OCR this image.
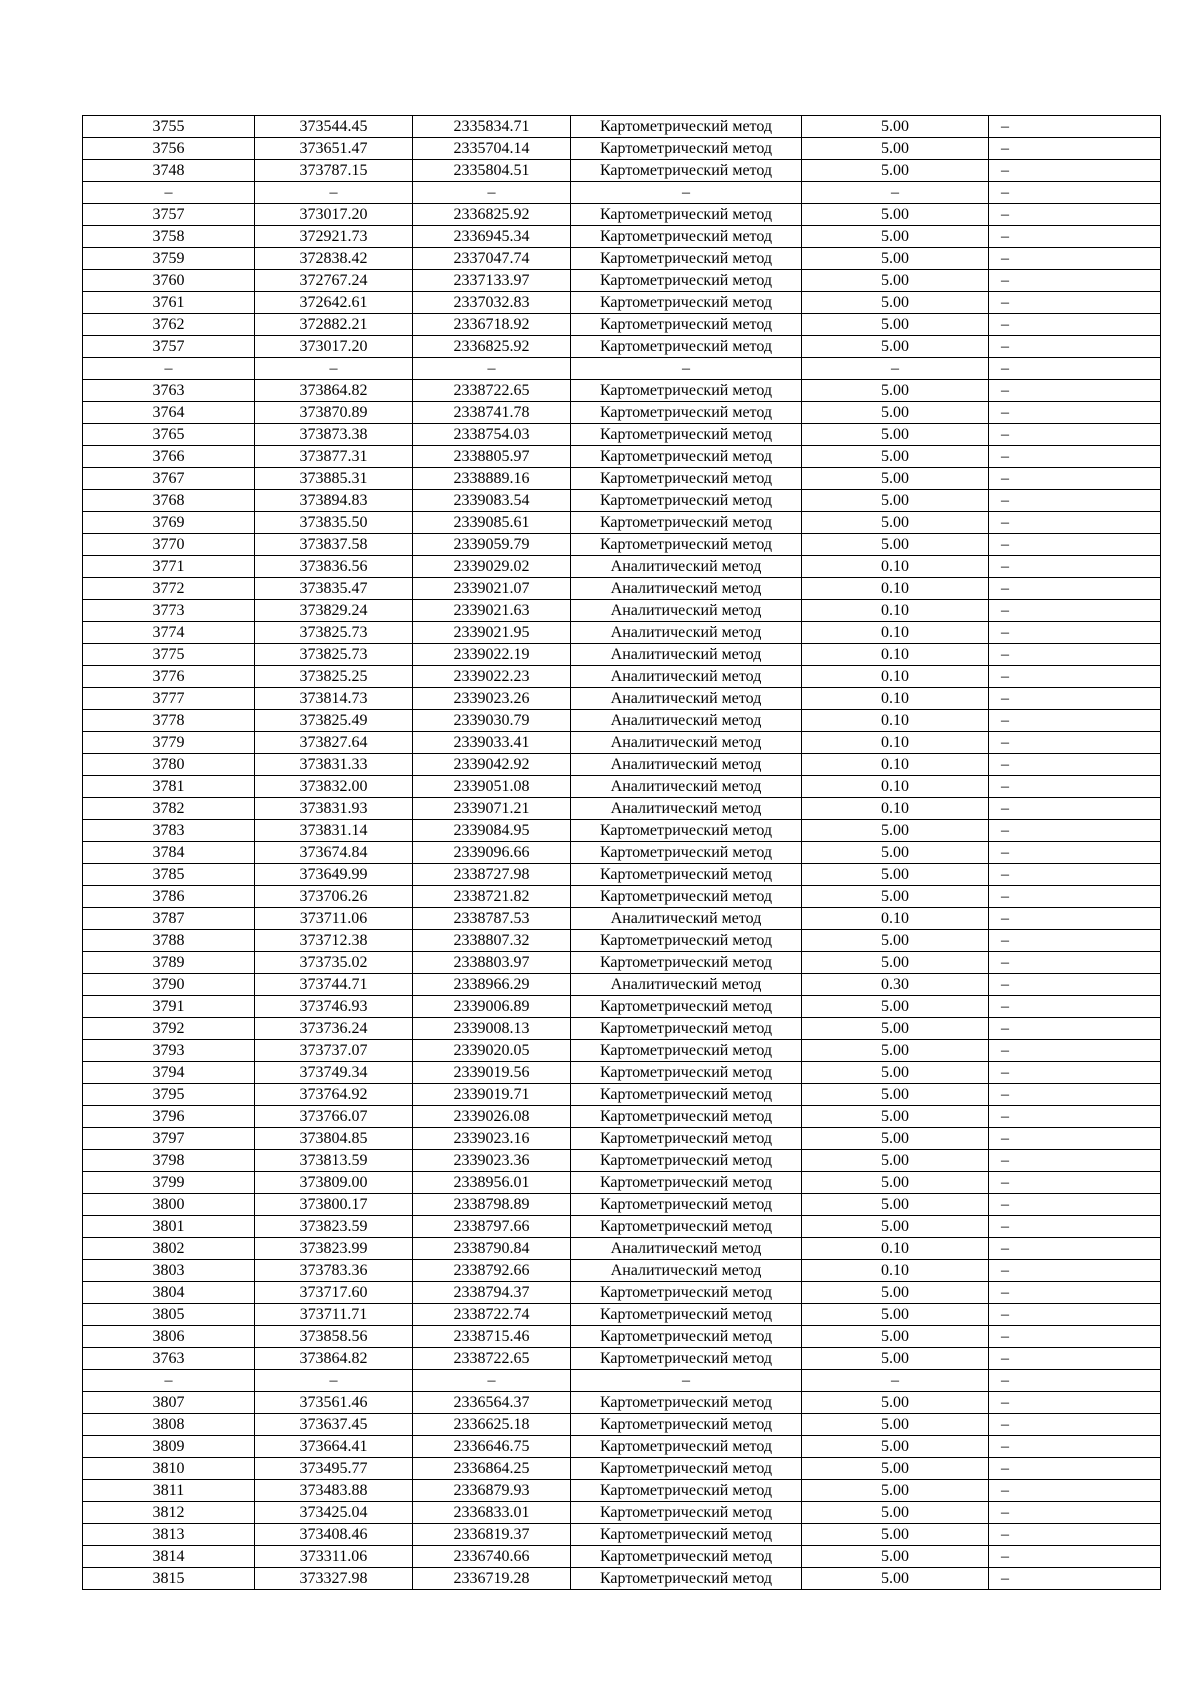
3755	373544.45	2335834.71	Картометрический метод	5.00	–
3756	373651.47	2335704.14	Картометрический метод	5.00	–
3748	373787.15	2335804.51	Картометрический метод	5.00	–
–	–	–	–	–	–
3757	373017.20	2336825.92	Картометрический метод	5.00	–
3758	372921.73	2336945.34	Картометрический метод	5.00	–
3759	372838.42	2337047.74	Картометрический метод	5.00	–
3760	372767.24	2337133.97	Картометрический метод	5.00	–
3761	372642.61	2337032.83	Картометрический метод	5.00	–
3762	372882.21	2336718.92	Картометрический метод	5.00	–
3757	373017.20	2336825.92	Картометрический метод	5.00	–
–	–	–	–	–	–
3763	373864.82	2338722.65	Картометрический метод	5.00	–
3764	373870.89	2338741.78	Картометрический метод	5.00	–
3765	373873.38	2338754.03	Картометрический метод	5.00	–
3766	373877.31	2338805.97	Картометрический метод	5.00	–
3767	373885.31	2338889.16	Картометрический метод	5.00	–
3768	373894.83	2339083.54	Картометрический метод	5.00	–
3769	373835.50	2339085.61	Картометрический метод	5.00	–
3770	373837.58	2339059.79	Картометрический метод	5.00	–
3771	373836.56	2339029.02	Аналитический метод	0.10	–
3772	373835.47	2339021.07	Аналитический метод	0.10	–
3773	373829.24	2339021.63	Аналитический метод	0.10	–
3774	373825.73	2339021.95	Аналитический метод	0.10	–
3775	373825.73	2339022.19	Аналитический метод	0.10	–
3776	373825.25	2339022.23	Аналитический метод	0.10	–
3777	373814.73	2339023.26	Аналитический метод	0.10	–
3778	373825.49	2339030.79	Аналитический метод	0.10	–
3779	373827.64	2339033.41	Аналитический метод	0.10	–
3780	373831.33	2339042.92	Аналитический метод	0.10	–
3781	373832.00	2339051.08	Аналитический метод	0.10	–
3782	373831.93	2339071.21	Аналитический метод	0.10	–
3783	373831.14	2339084.95	Картометрический метод	5.00	–
3784	373674.84	2339096.66	Картометрический метод	5.00	–
3785	373649.99	2338727.98	Картометрический метод	5.00	–
3786	373706.26	2338721.82	Картометрический метод	5.00	–
3787	373711.06	2338787.53	Аналитический метод	0.10	–
3788	373712.38	2338807.32	Картометрический метод	5.00	–
3789	373735.02	2338803.97	Картометрический метод	5.00	–
3790	373744.71	2338966.29	Аналитический метод	0.30	–
3791	373746.93	2339006.89	Картометрический метод	5.00	–
3792	373736.24	2339008.13	Картометрический метод	5.00	–
3793	373737.07	2339020.05	Картометрический метод	5.00	–
3794	373749.34	2339019.56	Картометрический метод	5.00	–
3795	373764.92	2339019.71	Картометрический метод	5.00	–
3796	373766.07	2339026.08	Картометрический метод	5.00	–
3797	373804.85	2339023.16	Картометрический метод	5.00	–
3798	373813.59	2339023.36	Картометрический метод	5.00	–
3799	373809.00	2338956.01	Картометрический метод	5.00	–
3800	373800.17	2338798.89	Картометрический метод	5.00	–
3801	373823.59	2338797.66	Картометрический метод	5.00	–
3802	373823.99	2338790.84	Аналитический метод	0.10	–
3803	373783.36	2338792.66	Аналитический метод	0.10	–
3804	373717.60	2338794.37	Картометрический метод	5.00	–
3805	373711.71	2338722.74	Картометрический метод	5.00	–
3806	373858.56	2338715.46	Картометрический метод	5.00	–
3763	373864.82	2338722.65	Картометрический метод	5.00	–
–	–	–	–	–	–
3807	373561.46	2336564.37	Картометрический метод	5.00	–
3808	373637.45	2336625.18	Картометрический метод	5.00	–
3809	373664.41	2336646.75	Картометрический метод	5.00	–
3810	373495.77	2336864.25	Картометрический метод	5.00	–
3811	373483.88	2336879.93	Картометрический метод	5.00	–
3812	373425.04	2336833.01	Картометрический метод	5.00	–
3813	373408.46	2336819.37	Картометрический метод	5.00	–
3814	373311.06	2336740.66	Картометрический метод	5.00	–
3815	373327.98	2336719.28	Картометрический метод	5.00	–
